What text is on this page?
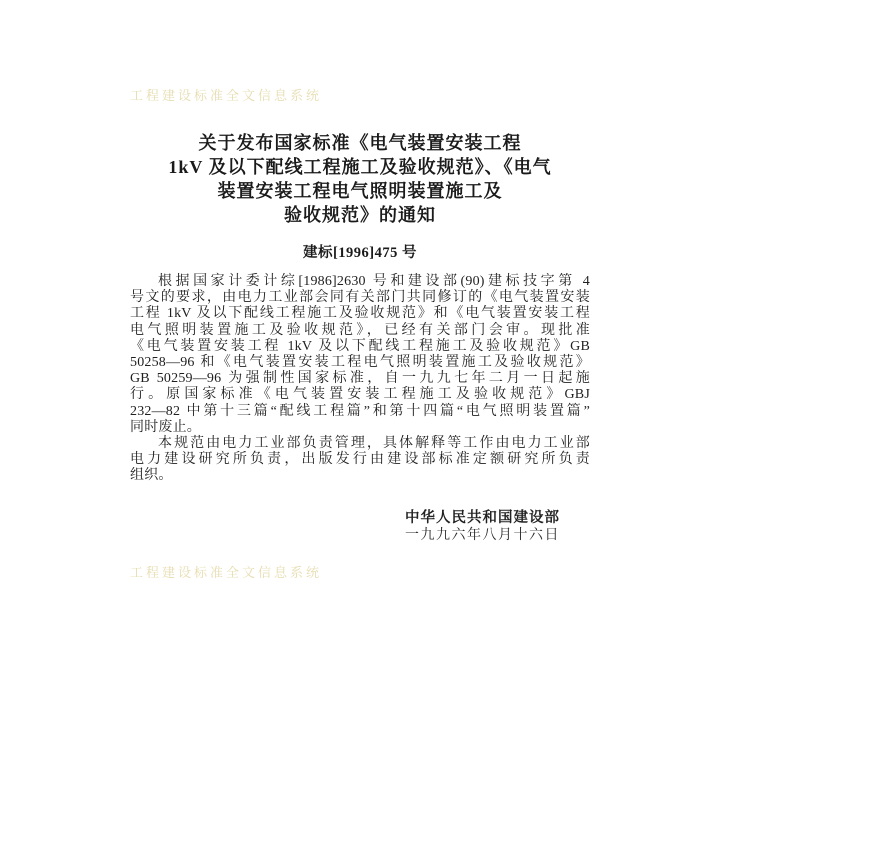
工程建设标准全文信息系统
关于发布国家标准《电气装置安装工程
1kV 及以下配线工程施工及验收规范》、《电气
装置安装工程电气照明装置施工及
验收规范》的通知
建标[1996]475 号

根据国家计委计综[1986]2630 号和建设部(90)建标技字第 4
号文的要求，由电力工业部会同有关部门共同修订的《电气装置安装
工程 1kV 及以下配线工程施工及验收规范》和《电气装置安装工程
电气照明装置施工及验收规范》，已经有关部门会审。现批准
《电气装置安装工程 1kV 及以下配线工程施工及验收规范》GB
50258—96 和《电气装置安装工程电气照明装置施工及验收规范》
GB 50259—96 为强制性国家标准，自一九九七年二月一日起施
行。原国家标准《电气装置安装工程施工及验收规范》GBJ
232—82 中第十三篇“配线工程篇”和第十四篇“电气照明装置篇”
同时废止。

本规范由电力工业部负责管理，具体解释等工作由电力工业部
电力建设研究所负责，出版发行由建设部标准定额研究所负责
组织。

中华人民共和国建设部
一九九六年八月十六日
工程建设标准全文信息系统
